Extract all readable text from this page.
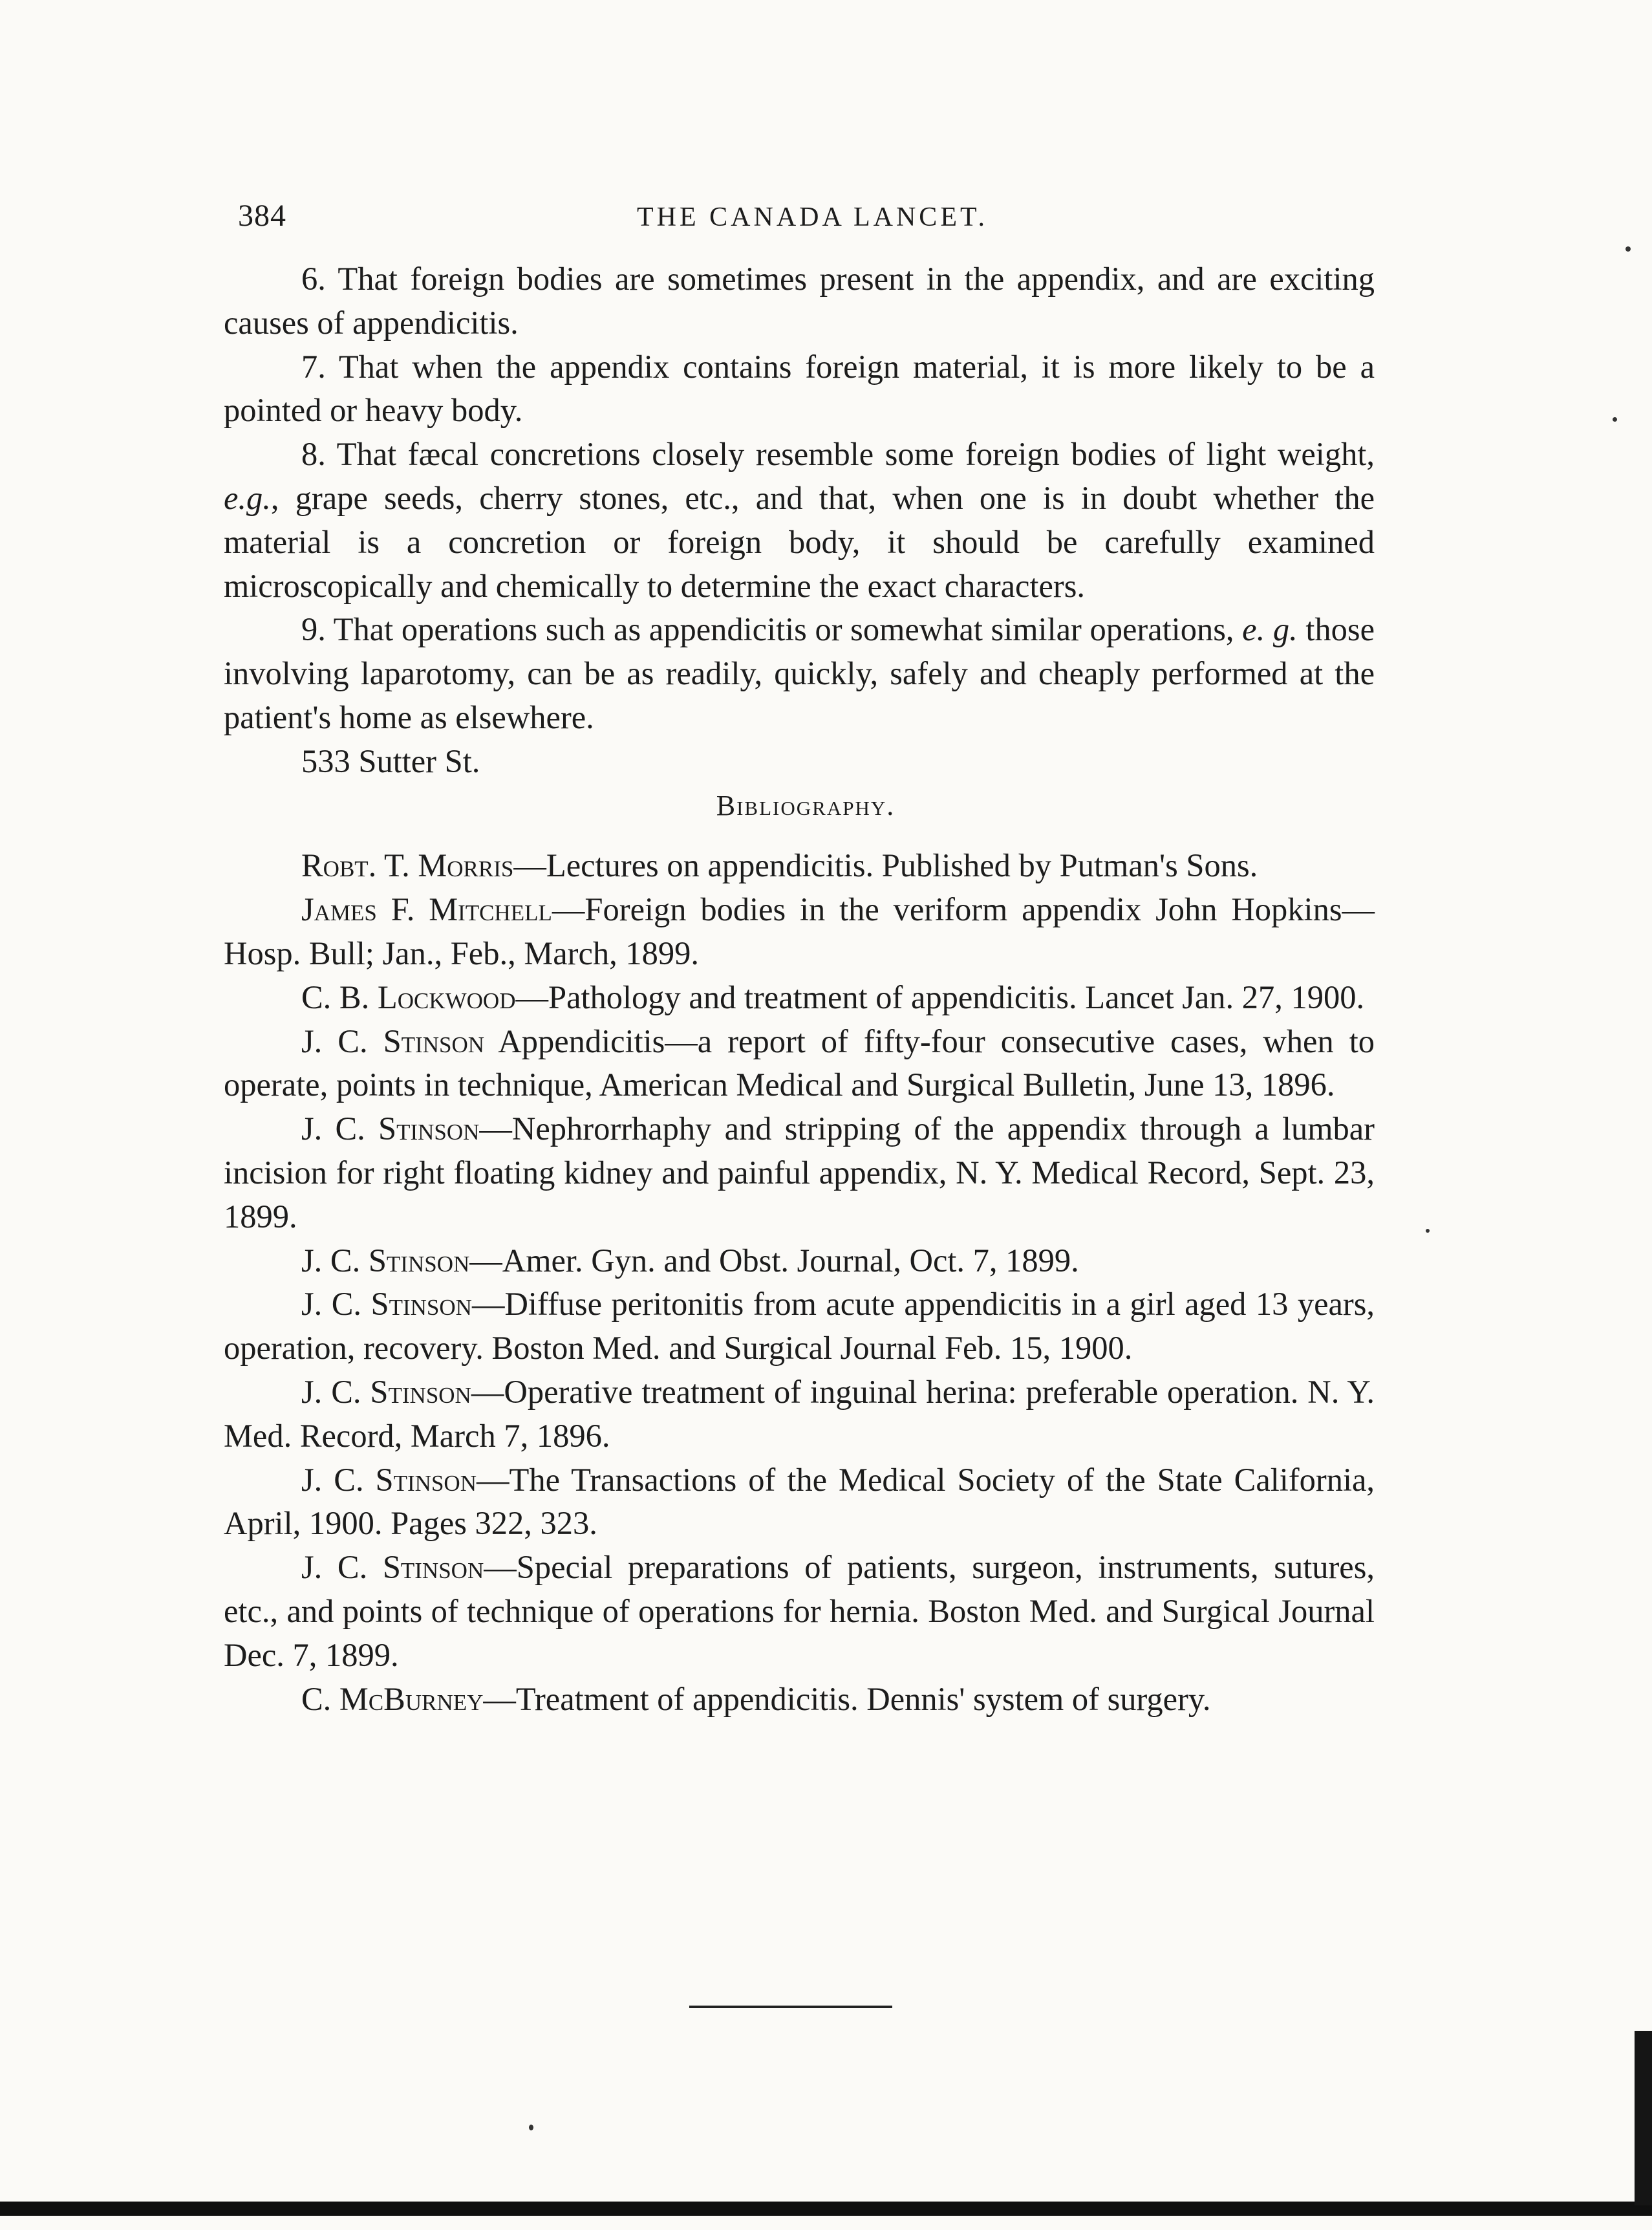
384	THE CANADA LANCET.

6. That foreign bodies are sometimes present in the appendix, and are exciting causes of appendicitis.

7. That when the appendix contains foreign material, it is more likely to be a pointed or heavy body.

8. That fæcal concretions closely resemble some foreign bodies of light weight, e.g., grape seeds, cherry stones, etc., and that, when one is in doubt whether the material is a concretion or foreign body, it should be carefully examined microscopically and chemically to determine the exact characters.

9. That operations such as appendicitis or somewhat similar operations, e. g. those involving laparotomy, can be as readily, quickly, safely and cheaply performed at the patient's home as elsewhere.

533 Sutter St.

Bibliography.

Robt. T. Morris—Lectures on appendicitis. Published by Putman's Sons.

James F. Mitchell—Foreign bodies in the veriform appendix John Hopkins—Hosp. Bull; Jan., Feb., March, 1899.

C. B. Lockwood—Pathology and treatment of appendicitis. Lancet Jan. 27, 1900.

J. C. Stinson Appendicitis—a report of fifty-four consecutive cases, when to operate, points in technique, American Medical and Surgical Bulletin, June 13, 1896.

J. C. Stinson—Nephrorrhaphy and stripping of the appendix through a lumbar incision for right floating kidney and painful appendix, N. Y. Medical Record, Sept. 23, 1899.

J. C. Stinson—Amer. Gyn. and Obst. Journal, Oct. 7, 1899.

J. C. Stinson—Diffuse peritonitis from acute appendicitis in a girl aged 13 years, operation, recovery. Boston Med. and Surgical Journal Feb. 15, 1900.

J. C. Stinson—Operative treatment of inguinal herina: preferable operation. N. Y. Med. Record, March 7, 1896.

J. C. Stinson—The Transactions of the Medical Society of the State California, April, 1900. Pages 322, 323.

J. C. Stinson—Special preparations of patients, surgeon, instruments, sutures, etc., and points of technique of operations for hernia. Boston Med. and Surgical Journal Dec. 7, 1899.

C. McBurney—Treatment of appendicitis. Dennis' system of surgery.
